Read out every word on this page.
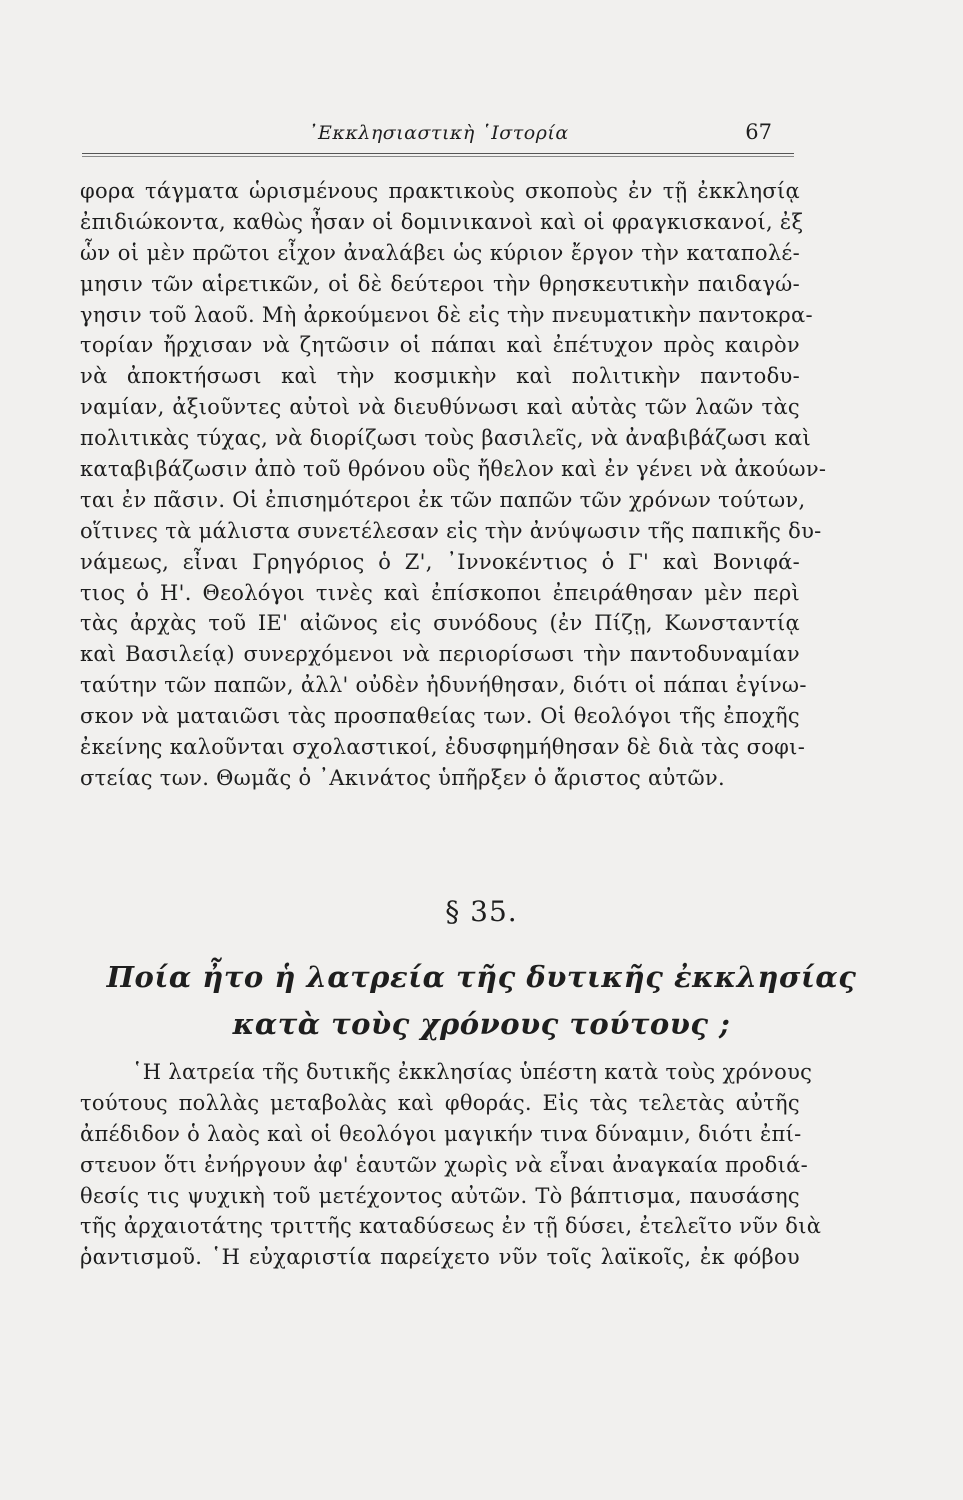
᾿Εκκλησιαστικὴ ῾Ιστορία	67
φορα τάγματα ὡρισμένους πρακτικοὺς σκοποὺς ἐν τῇ ἐκκλησίᾳ
ἐπιδιώκοντα, καθὼς ἦσαν οἱ δομινικανοὶ καὶ οἱ φραγκισκανοί, ἐξ
ὧν οἱ μὲν πρῶτοι εἶχον ἀναλάβει ὡς κύριον ἔργον τὴν καταπολέ-
μησιν τῶν αἱρετικῶν, οἱ δὲ δεύτεροι τὴν θρησκευτικὴν παιδαγώ-
γησιν τοῦ λαοῦ. Μὴ ἀρκούμενοι δὲ εἰς τὴν πνευματικὴν παντοκρα-
τορίαν ἤρχισαν νὰ ζητῶσιν οἱ πάπαι καὶ ἐπέτυχον πρὸς καιρὸν
νὰ ἀποκτήσωσι καὶ τὴν κοσμικὴν καὶ πολιτικὴν παντοδυ-
ναμίαν, ἀξιοῦντες αὐτοὶ νὰ διευθύνωσι καὶ αὐτὰς τῶν λαῶν τὰς
πολιτικὰς τύχας, νὰ διορίζωσι τοὺς βασιλεῖς, νὰ ἀναβιβάζωσι καὶ
καταβιβάζωσιν ἀπὸ τοῦ θρόνου οὓς ἤθελον καὶ ἐν γένει νὰ ἀκούων-
ται ἐν πᾶσιν. Οἱ ἐπισημότεροι ἐκ τῶν παπῶν τῶν χρόνων τούτων,
οἵτινες τὰ μάλιστα συνετέλεσαν εἰς τὴν ἀνύψωσιν τῆς παπικῆς δυ-
νάμεως, εἶναι Γρηγόριος ὁ Ζ', ᾿Ιννοκέντιος ὁ Γ' καὶ Βονιφά-
τιος ὁ Η'. Θεολόγοι τινὲς καὶ ἐπίσκοποι ἐπειράθησαν μὲν περὶ
τὰς ἀρχὰς τοῦ ΙΕ' αἰῶνος εἰς συνόδους (ἐν Πίζῃ, Κωνσταντίᾳ
καὶ Βασιλείᾳ) συνερχόμενοι νὰ περιορίσωσι τὴν παντοδυναμίαν
ταύτην τῶν παπῶν, ἀλλ' οὐδὲν ἠδυνήθησαν, διότι οἱ πάπαι ἐγίνω-
σκον νὰ ματαιῶσι τὰς προσπαθείας των. Οἱ θεολόγοι τῆς ἐποχῆς
ἐκείνης καλοῦνται σχολαστικοί, ἐδυσφημήθησαν δὲ διὰ τὰς σοφι-
στείας των. Θωμᾶς ὁ ᾿Ακινάτος ὑπῆρξεν ὁ ἄριστος αὐτῶν.
§ 35.
Ποία ἦτο ἡ λατρεία τῆς δυτικῆς ἐκκλησίας
κατὰ τοὺς χρόνους τούτους ;
῾Η λατρεία τῆς δυτικῆς ἐκκλησίας ὑπέστη κατὰ τοὺς χρόνους
τούτους πολλὰς μεταβολὰς καὶ φθοράς. Εἰς τὰς τελετὰς αὐτῆς
ἀπέδιδον ὁ λαὸς καὶ οἱ θεολόγοι μαγικήν τινα δύναμιν, διότι ἐπί-
στευον ὅτι ἐνήργουν ἀφ' ἑαυτῶν χωρὶς νὰ εἶναι ἀναγκαία προδιά-
θεσίς τις ψυχικὴ τοῦ μετέχοντος αὐτῶν. Τὸ βάπτισμα, παυσάσης
τῆς ἀρχαιοτάτης τριττῆς καταδύσεως ἐν τῇ δύσει, ἐτελεῖτο νῦν διὰ
ῥαντισμοῦ. ῾Η εὐχαριστία παρείχετο νῦν τοῖς λαϊκοῖς, ἐκ φόβου
